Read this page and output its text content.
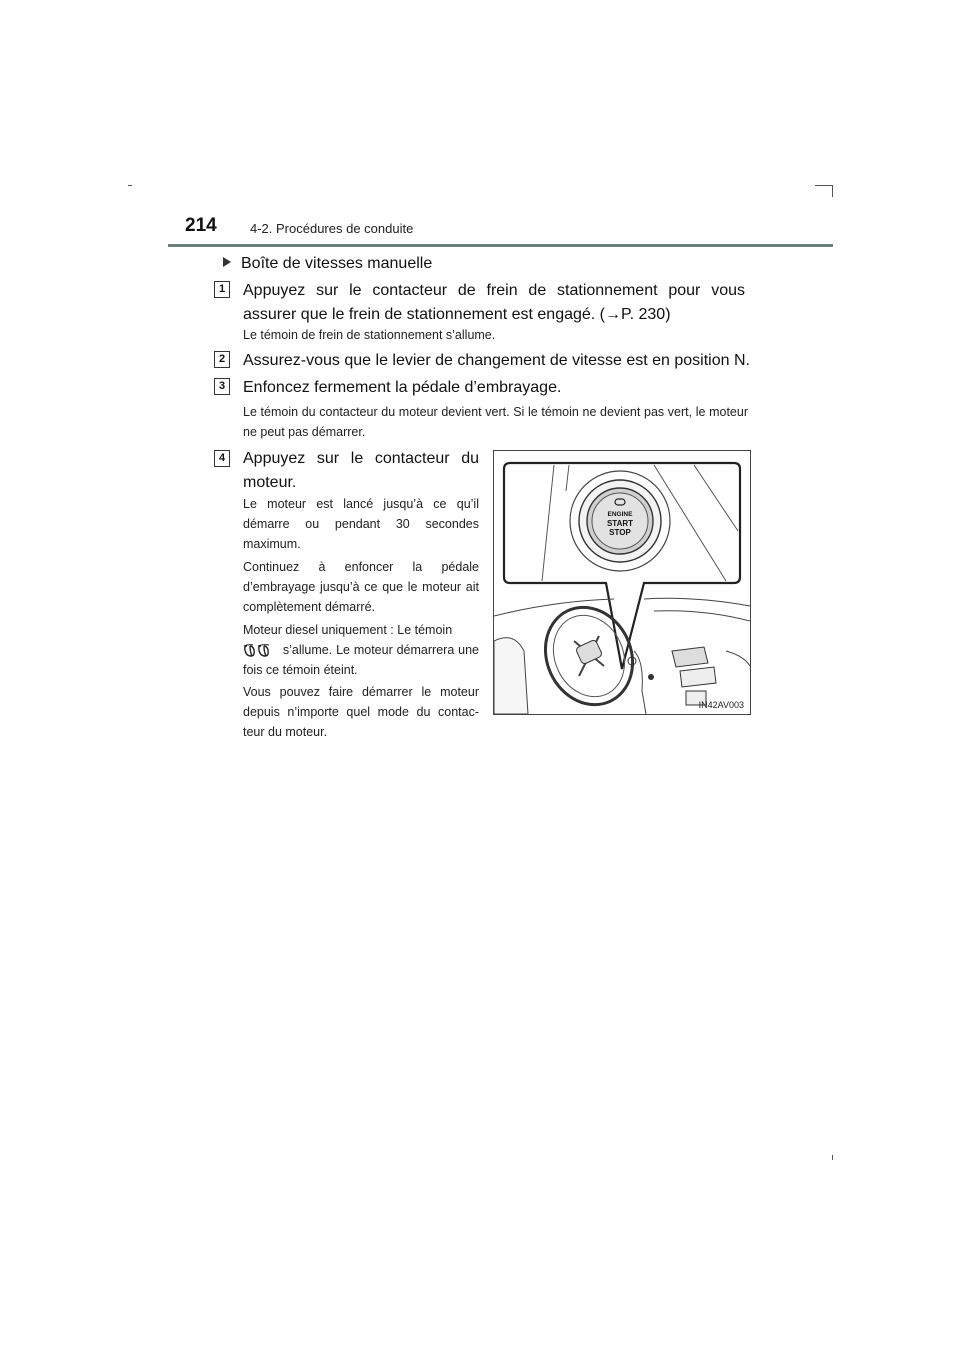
214	4-2. Procédures de conduite
Boîte de vitesses manuelle
1	Appuyez sur le contacteur de frein de stationnement pour vous assurer que le frein de stationnement est engagé. (→P. 230)
Le témoin de frein de stationnement s’allume.
2	Assurez-vous que le levier de changement de vitesse est en position N.
3	Enfoncez fermement la pédale d’embrayage.
Le témoin du contacteur du moteur devient vert. Si le témoin ne devient pas vert, le moteur ne peut pas démarrer.
4	Appuyez sur le contacteur du moteur.
Le moteur est lancé jusqu’à ce qu’il démarre ou pendant 30 secondes maximum.
Continuez à enfoncer la pédale d’embrayage jusqu’à ce que le moteur ait complètement démarré.
Moteur diesel uniquement : Le témoin
s’allume. Le moteur démarrera une fois ce témoin éteint.
Vous pouvez faire démarrer le moteur depuis n’importe quel mode du contac-teur du moteur.
ENGINE
START
STOP
IN42AV003
